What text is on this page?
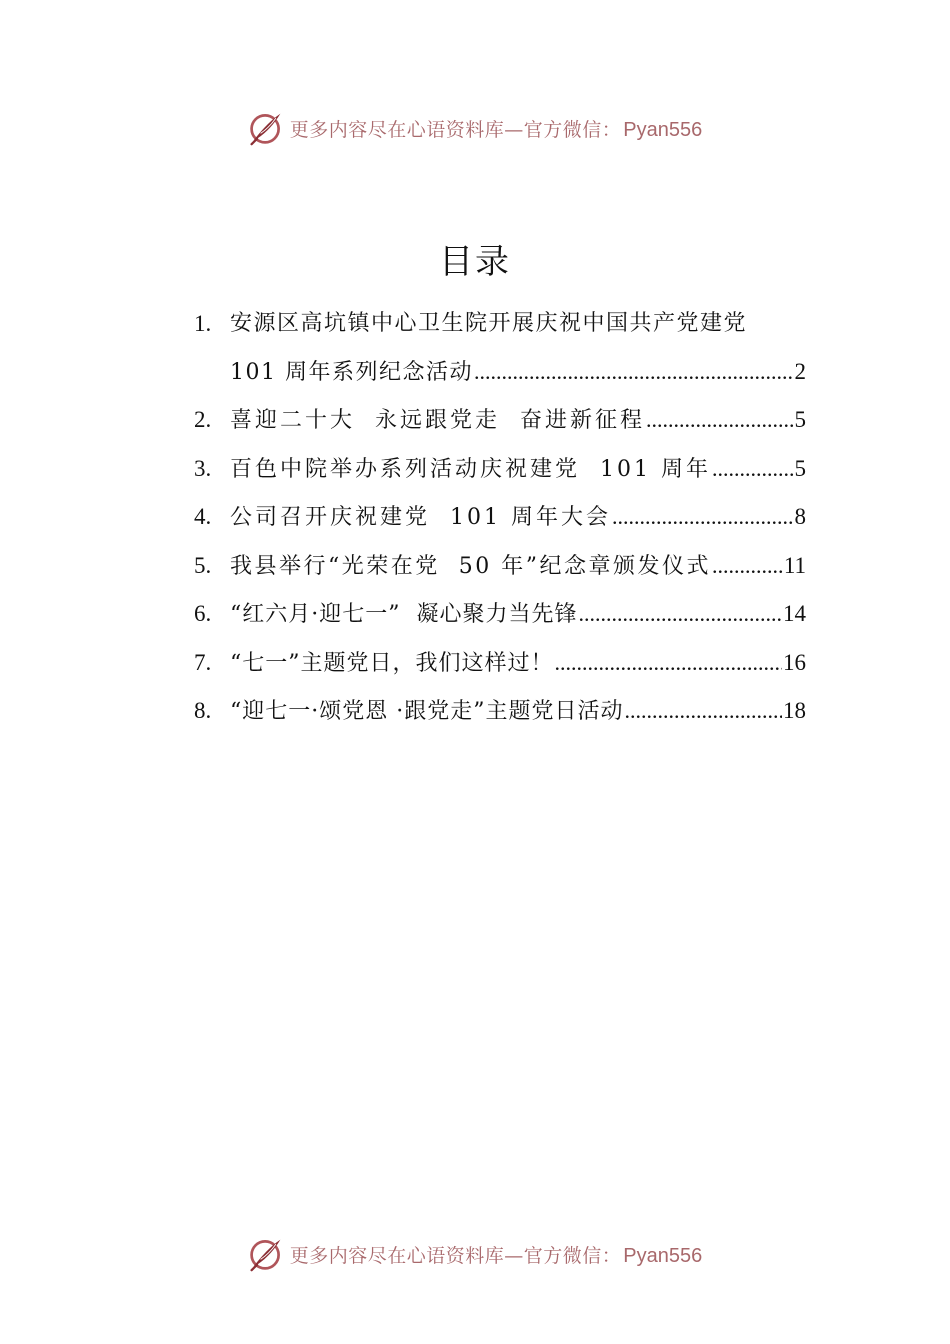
更多内容尽在心语资料库—官方微信： Pyan556
目录
1. 安源区高坑镇中心卫生院开展庆祝中国共产党建党
101 周年系列纪念活动 .....	2
2. 喜迎二十大  永远跟党走  奋进新征程 .....	5
3. 百色中院举办系列活动庆祝建党  101 周年 .....	5
4. 公司召开庆祝建党  101 周年大会 .....	8
5. 我县举行“光荣在党  50 年”纪念章颁发仪式 .....	11
6. “红六月·迎七一”  凝心聚力当先锋 .....	14
7. “七一”主题党日，我们这样过！ .....	16
8. “迎七一·颂党恩 ·跟党走”主题党日活动 .....	18
更多内容尽在心语资料库—官方微信： Pyan556
